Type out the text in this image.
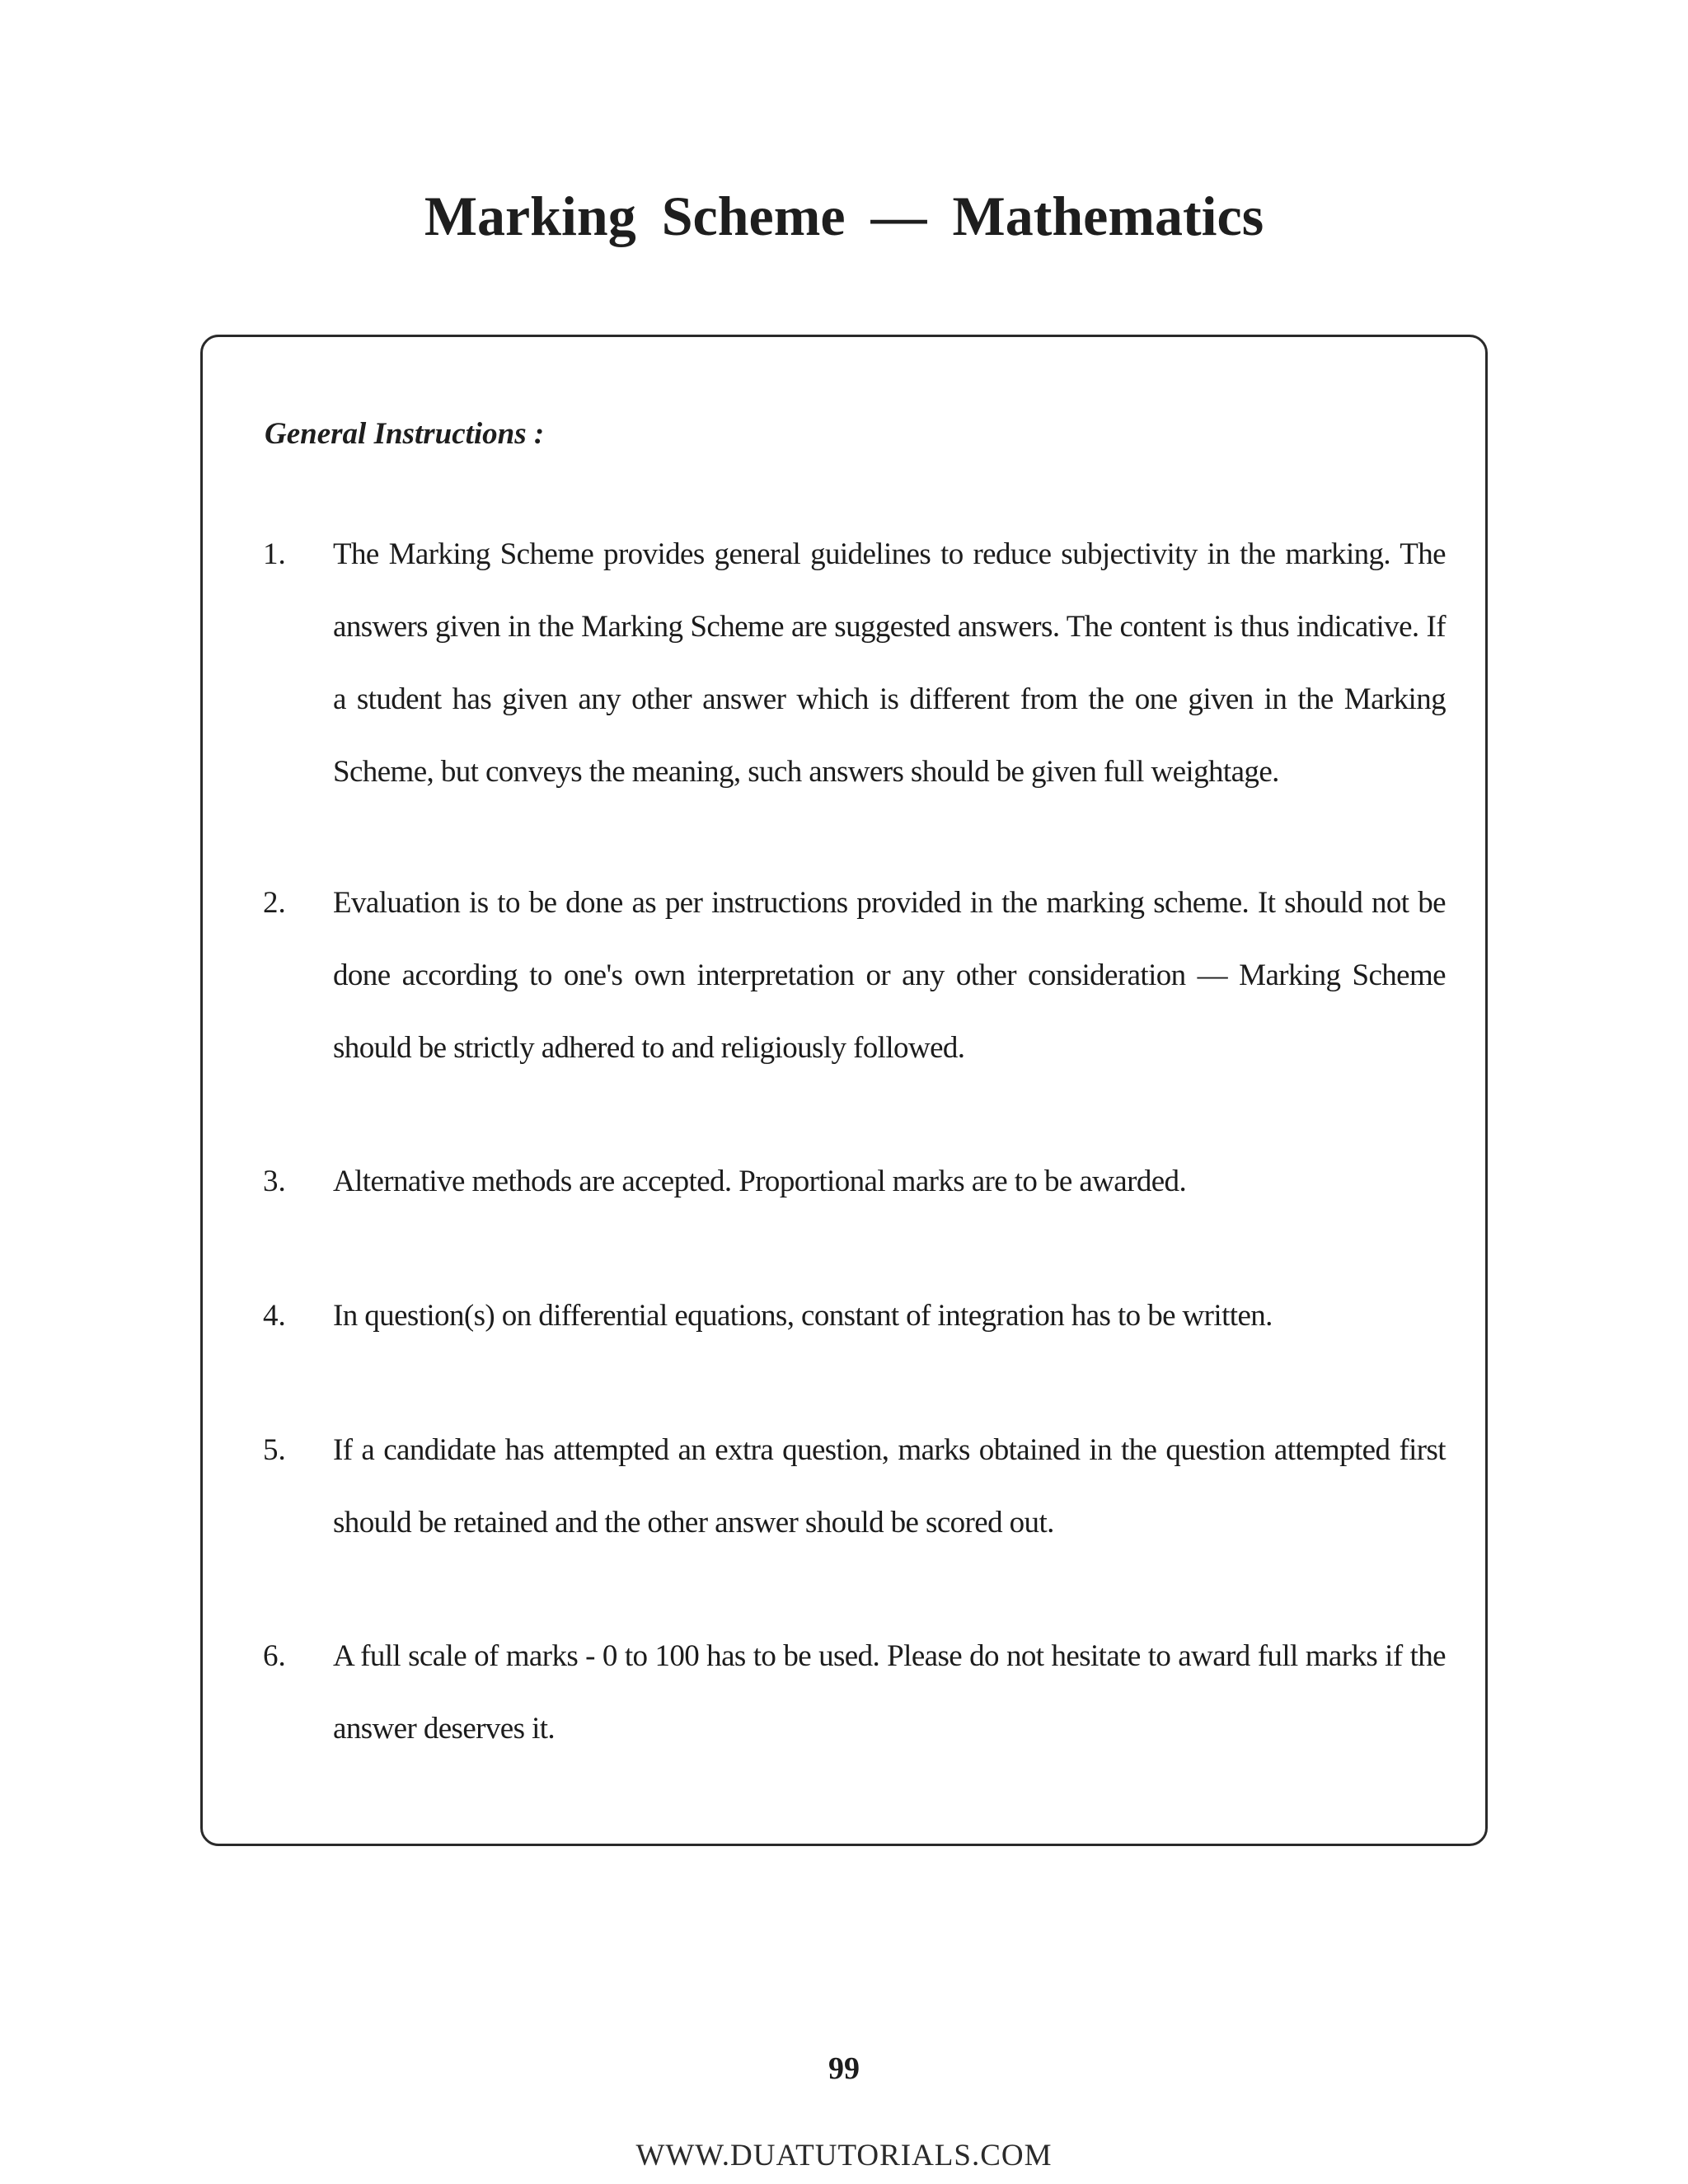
Marking Scheme — Mathematics
General Instructions :
1. The Marking Scheme provides general guidelines to reduce subjectivity in the marking. The answers given in the Marking Scheme are suggested answers. The content is thus indicative. If a student has given any other answer which is different from the one given in the Marking Scheme, but conveys the meaning, such answers should be given full weightage.
2. Evaluation is to be done as per instructions provided in the marking scheme. It should not be done according to one's own interpretation or any other consideration — Marking Scheme should be strictly adhered to and religiously followed.
3. Alternative methods are accepted. Proportional marks are to be awarded.
4. In question(s) on differential equations, constant of integration has to be written.
5. If a candidate has attempted an extra question, marks obtained in the question attempted first should be retained and the other answer should be scored out.
6. A full scale of marks - 0 to 100 has to be used. Please do not hesitate to award full marks if the answer deserves it.
99
WWW.DUATUTORIALS.COM
